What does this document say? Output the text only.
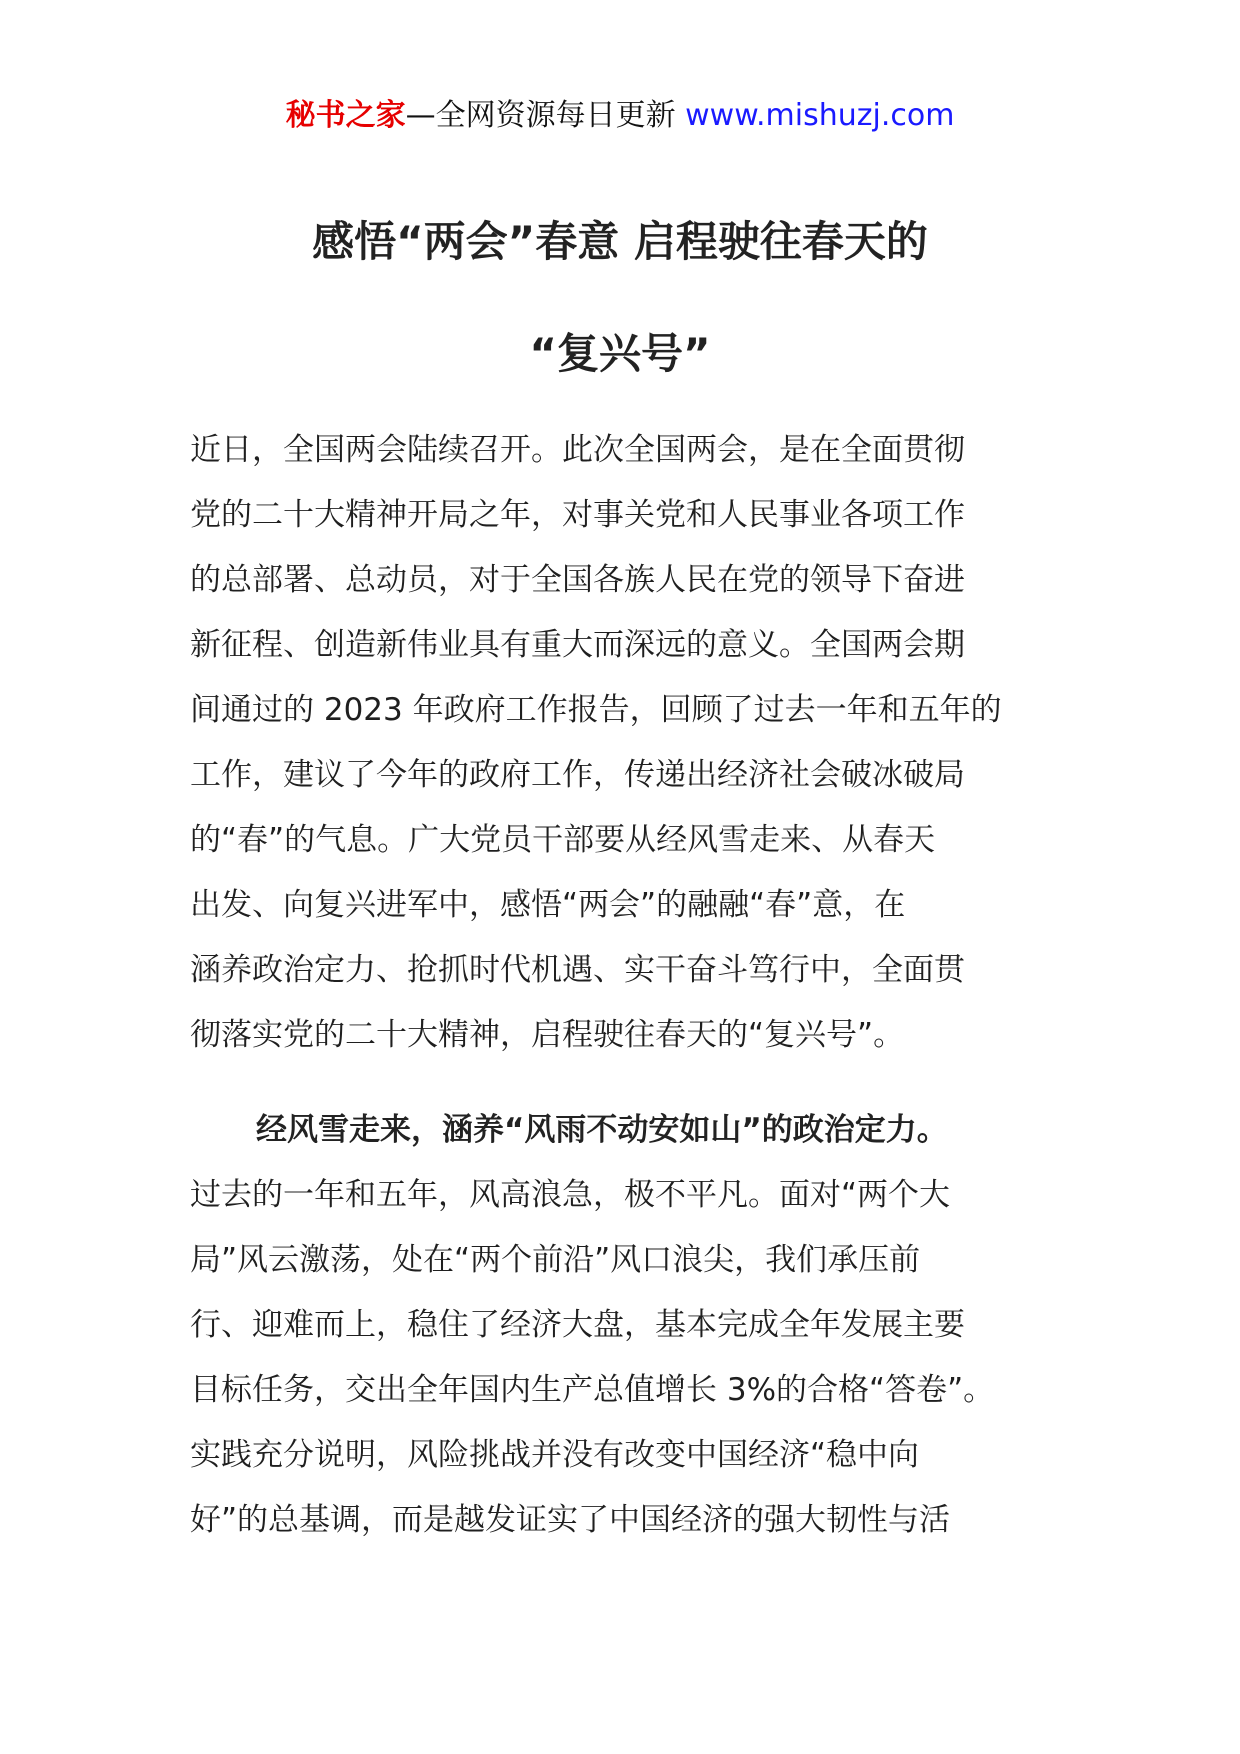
秘书之家—全网资源每日更新 www.mishuzj.com
感悟“两会”春意 启程驶往春天的
“复兴号”
近日，全国两会陆续召开。此次全国两会，是在全面贯彻
党的二十大精神开局之年，对事关党和人民事业各项工作
的总部署、总动员，对于全国各族人民在党的领导下奋进
新征程、创造新伟业具有重大而深远的意义。全国两会期
间通过的 2023 年政府工作报告，回顾了过去一年和五年的
工作，建议了今年的政府工作，传递出经济社会破冰破局
的“春”的气息。广大党员干部要从经风雪走来、从春天
出发、向复兴进军中，感悟“两会”的融融“春”意，在
涵养政治定力、抢抓时代机遇、实干奋斗笃行中，全面贯
彻落实党的二十大精神，启程驶往春天的“复兴号”。
经风雪走来，涵养“风雨不动安如山”的政治定力。
过去的一年和五年，风高浪急，极不平凡。面对“两个大
局”风云激荡，处在“两个前沿”风口浪尖，我们承压前
行、迎难而上，稳住了经济大盘，基本完成全年发展主要
目标任务，交出全年国内生产总值增长 3%的合格“答卷”。
实践充分说明，风险挑战并没有改变中国经济“稳中向
好”的总基调，而是越发证实了中国经济的强大韧性与活
